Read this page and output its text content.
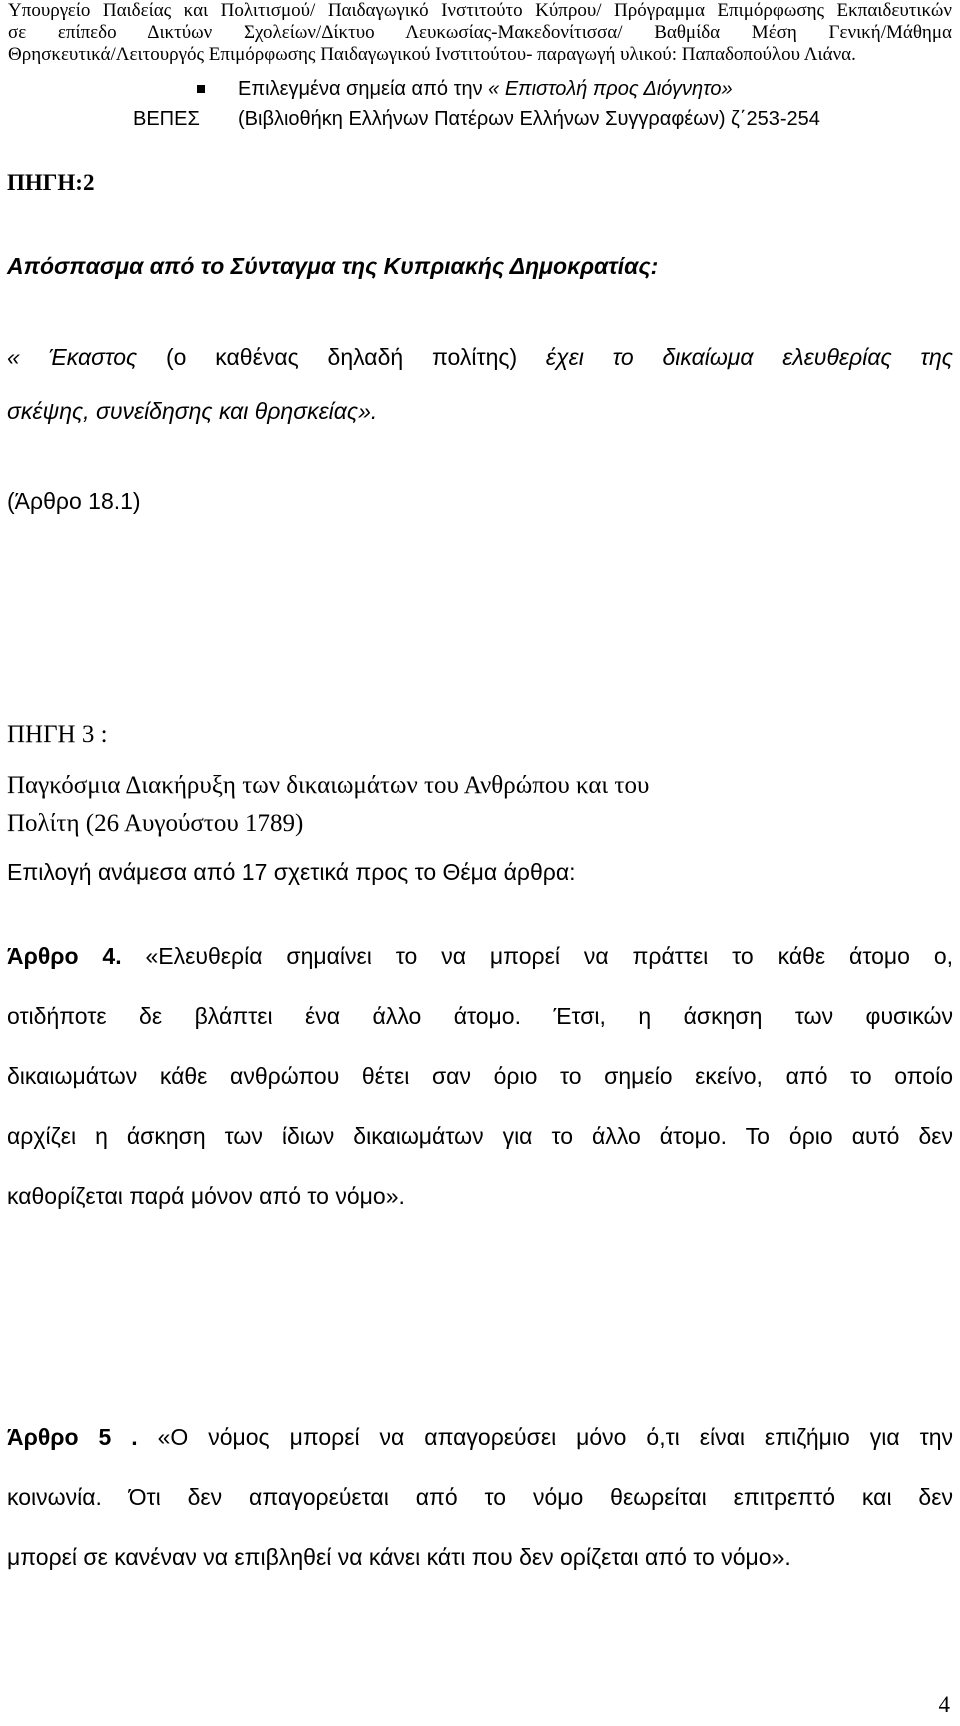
Υπουργείο Παιδείας και Πολιτισμού/ Παιδαγωγικό Ινστιτούτο Κύπρου/ Πρόγραμμα Επιμόρφωσης Εκπαιδευτικών
σε επίπεδο Δικτύων Σχολείων/Δίκτυο Λευκωσίας-Μακεδονίτισσα/ Βαθμίδα Μέση Γενική/Μάθημα
Θρησκευτικά/Λειτουργός Επιμόρφωσης Παιδαγωγικού Ινστιτούτου- παραγωγή υλικού: Παπαδοπούλου Λιάνα.
Επιλεγμένα σημεία από την « Επιστολή προς Διόγνητο»
ΒΕΠΕΣ (Βιβλιοθήκη Ελλήνων Πατέρων Ελλήνων Συγγραφέων) ζ΄253-254
ΠΗΓΗ:2
Απόσπασμα από το Σύνταγμα της Κυπριακής Δημοκρατίας:
« Έκαστος (ο καθένας δηλαδή πολίτης) έχει το δικαίωμα ελευθερίας της
σκέψης, συνείδησης και θρησκείας».
(Άρθρο 18.1)
ΠΗΓΗ 3 :
Παγκόσμια Διακήρυξη των δικαιωμάτων του Ανθρώπου και του
Πολίτη (26 Αυγούστου 1789)
Επιλογή ανάμεσα από 17 σχετικά προς το Θέμα άρθρα:
Άρθρο 4. «Ελευθερία σημαίνει το να μπορεί να πράττει το κάθε άτομο ο,
οτιδήποτε δε βλάπτει ένα άλλο άτομο. Έτσι, η άσκηση των φυσικών
δικαιωμάτων κάθε ανθρώπου θέτει σαν όριο το σημείο εκείνο, από το οποίο
αρχίζει η άσκηση των ίδιων δικαιωμάτων για το άλλο άτομο. Το όριο αυτό δεν
καθορίζεται παρά μόνον από το νόμο».
Άρθρο 5 . «Ο νόμος μπορεί να απαγορεύσει μόνο ό,τι είναι επιζήμιο για την
κοινωνία. Ότι δεν απαγορεύεται από το νόμο θεωρείται επιτρεπτό και δεν
μπορεί σε κανέναν να επιβληθεί να κάνει κάτι που δεν ορίζεται από το νόμο».
4
